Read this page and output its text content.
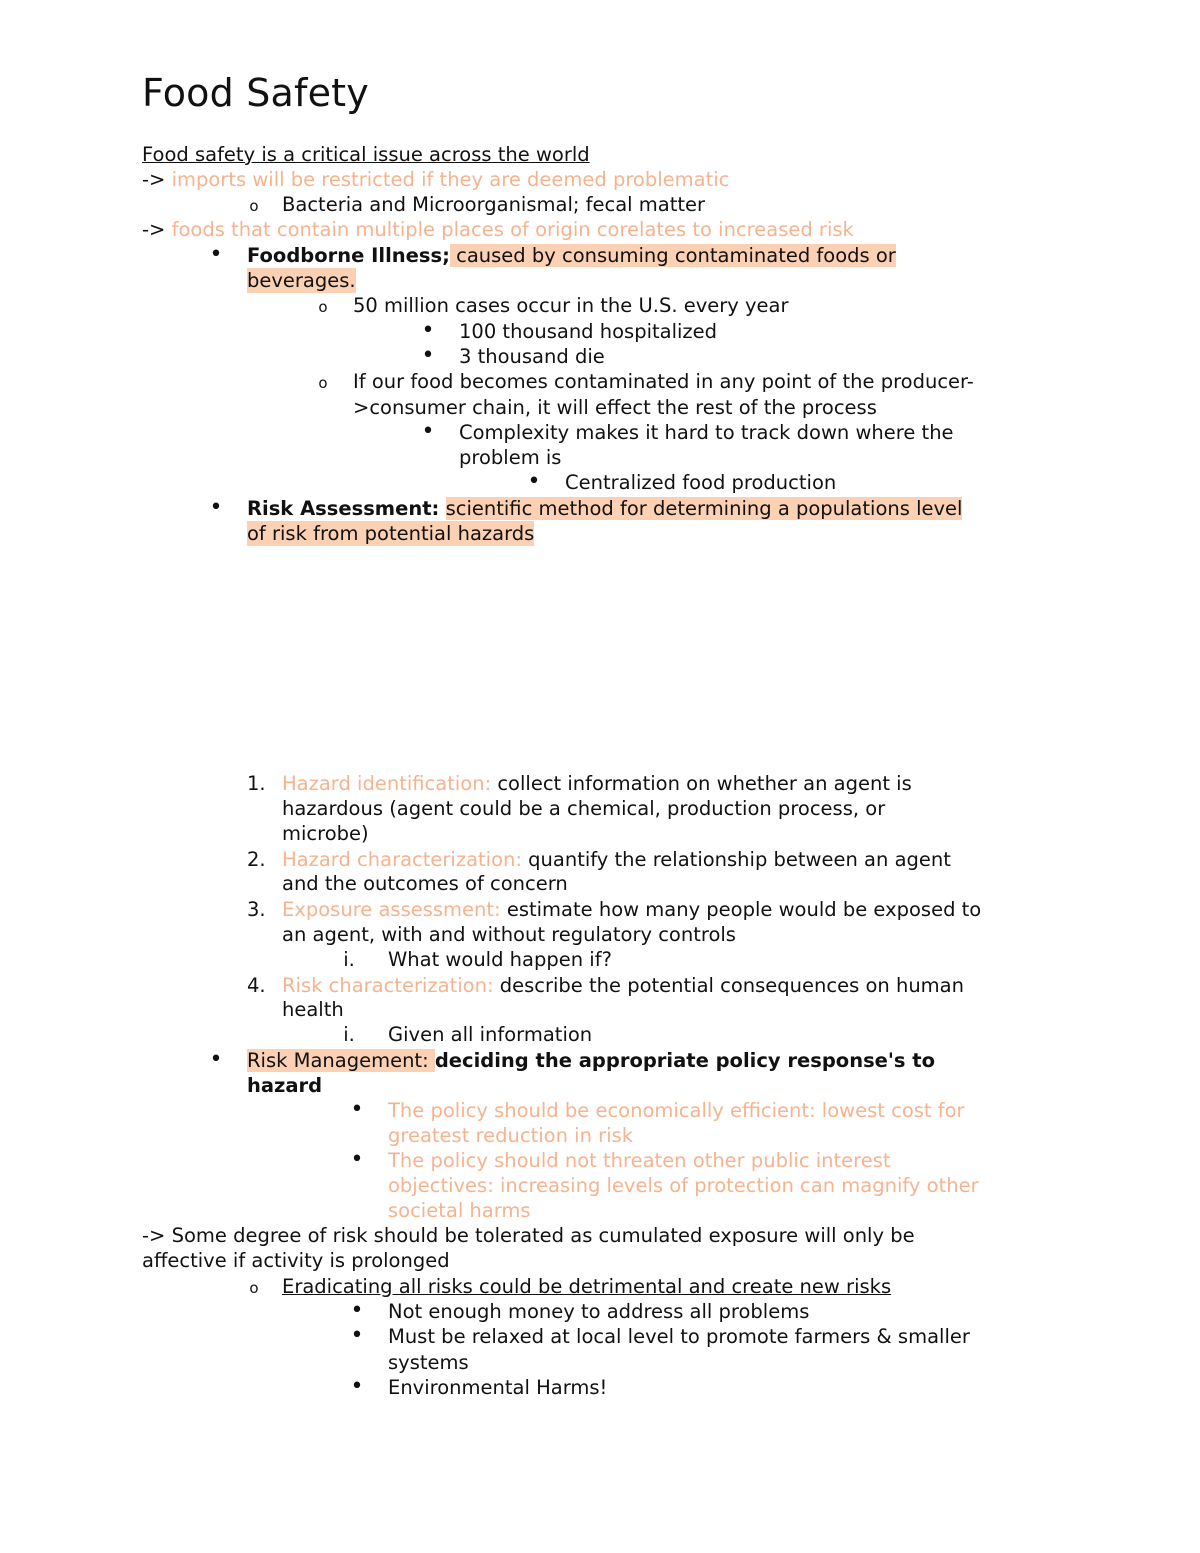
Food Safety
Food safety is a critical issue across the world
-> imports will be restricted if they are deemed problematic
o	Bacteria and Microorganismal; fecal matter
-> foods that contain multiple places of origin corelates to increased risk
• Foodborne Illness; caused by consuming contaminated foods or
beverages.
o	50 million cases occur in the U.S. every year
• 100 thousand hospitalized
• 3 thousand die
o	If our food becomes contaminated in any point of the producer-
>consumer chain, it will effect the rest of the process
• Complexity makes it hard to track down where the
problem is
• Centralized food production
• Risk Assessment: scientific method for determining a populations level
of risk from potential hazards
1. Hazard identification: collect information on whether an agent is
hazardous (agent could be a chemical, production process, or
microbe)
2. Hazard characterization: quantify the relationship between an agent
and the outcomes of concern
3. Exposure assessment: estimate how many people would be exposed to
an agent, with and without regulatory controls
i. What would happen if?
4. Risk characterization: describe the potential consequences on human
health
i. Given all information
• Risk Management: deciding the appropriate policy response's to
hazard
• The policy should be economically efficient: lowest cost for
greatest reduction in risk
• The policy should not threaten other public interest
objectives: increasing levels of protection can magnify other
societal harms
-> Some degree of risk should be tolerated as cumulated exposure will only be
affective if activity is prolonged
o	Eradicating all risks could be detrimental and create new risks
• Not enough money to address all problems
• Must be relaxed at local level to promote farmers & smaller
systems
• Environmental Harms!
